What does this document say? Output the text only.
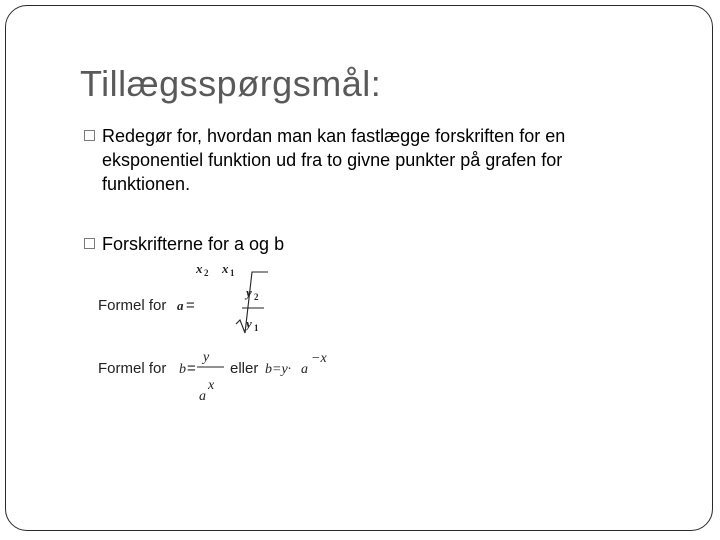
Tillægsspørgsmål:
Redegør for, hvordan man kan fastlægge forskriften for en eksponentiel funktion ud fra to givne punkter på grafen for funktionen.
Forskrifterne for a og b
x 2 x 1
Formel for a =
y 2
y 1
Formel for b =
y
a
x
eller b=y· a
−x
